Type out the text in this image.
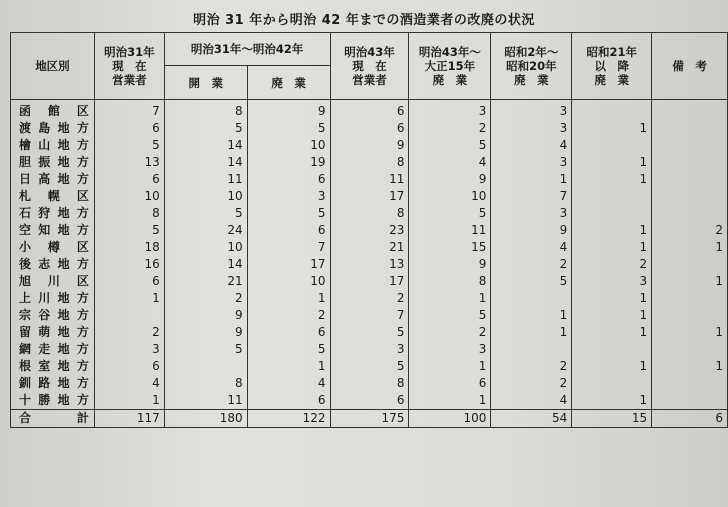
明治 31 年から明治 42 年までの酒造業者の改廃の状況
地区別	明治31年
現　在
営業者	明治31年〜明治42年		明治43年
現　在
営業者	明治43年〜
大正15年
廃　業	昭和2年〜
昭和20年
廃　業	昭和21年
以　降
廃　業	備　考
		開　業	廃　業					
函館区	7	8	9	6	3	3		
渡島地方	6	5	5	6	2	3	1	
檜山地方	5	14	10	9	5	4		
胆振地方	13	14	19	8	4	3	1	
日高地方	6	11	6	11	9	1	1	
札幌区	10	10	3	17	10	7		
石狩地方	8	5	5	8	5	3		
空知地方	5	24	6	23	11	9	1	2
小樽区	18	10	7	21	15	4	1	1
後志地方	16	14	17	13	9	2	2	
旭川区	6	21	10	17	8	5	3	1
上川地方	1	2	1	2	1		1	
宗谷地方		9	2	7	5	1	1	
留萌地方	2	9	6	5	2	1	1	1
網走地方	3	5	5	3	3			
根室地方	6		1	5	1	2	1	1
釧路地方	4	8	4	8	6	2		
十勝地方	1	11	6	6	1	4	1	
合　計	117	180	122	175	100	54	15	6
